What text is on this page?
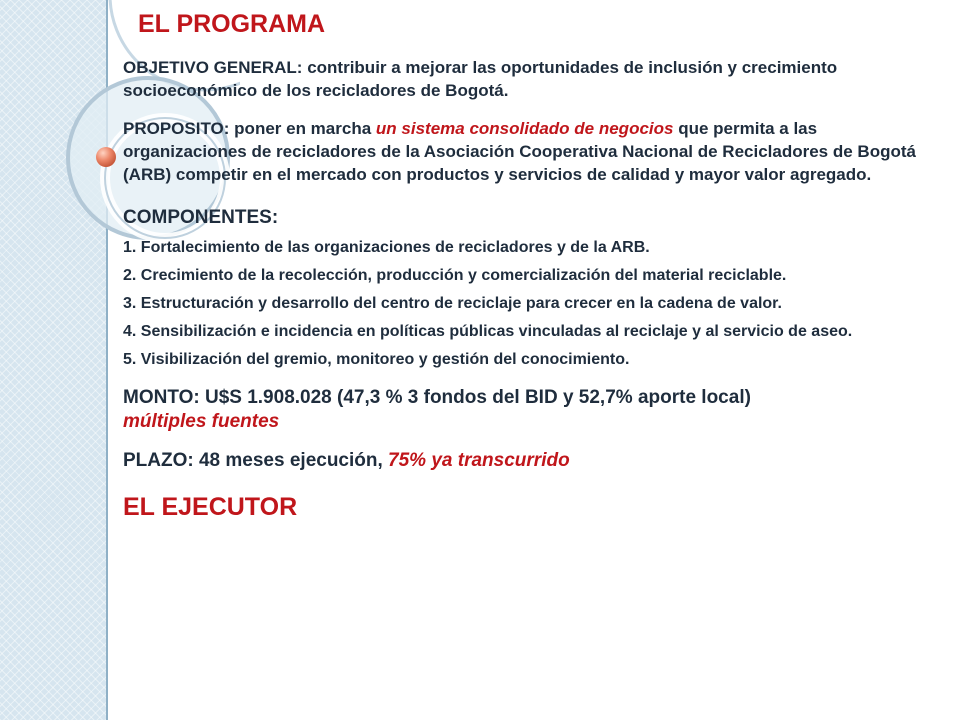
EL PROGRAMA

OBJETIVO GENERAL: contribuir a mejorar las oportunidades de inclusión y crecimiento socioeconómico de los recicladores de Bogotá.

PROPOSITO: poner en marcha un sistema consolidado de negocios que permita a las organizaciones de recicladores de la Asociación Cooperativa Nacional de Recicladores de Bogotá (ARB) competir en el mercado con productos y servicios de calidad y mayor valor agregado.

COMPONENTES:

1. Fortalecimiento de las organizaciones de recicladores y de la ARB.
2. Crecimiento de la recolección, producción y comercialización del material reciclable.
3. Estructuración y desarrollo del centro de reciclaje para crecer en la cadena de valor.
4. Sensibilización e incidencia en políticas públicas vinculadas al reciclaje y al servicio de aseo.
5. Visibilización del gremio, monitoreo y gestión del conocimiento.

MONTO: U$S 1.908.028 (47,3 % 3 fondos del BID y 52,7% aporte local)
múltiples fuentes

PLAZO: 48 meses ejecución, 75% ya transcurrido

EL EJECUTOR
